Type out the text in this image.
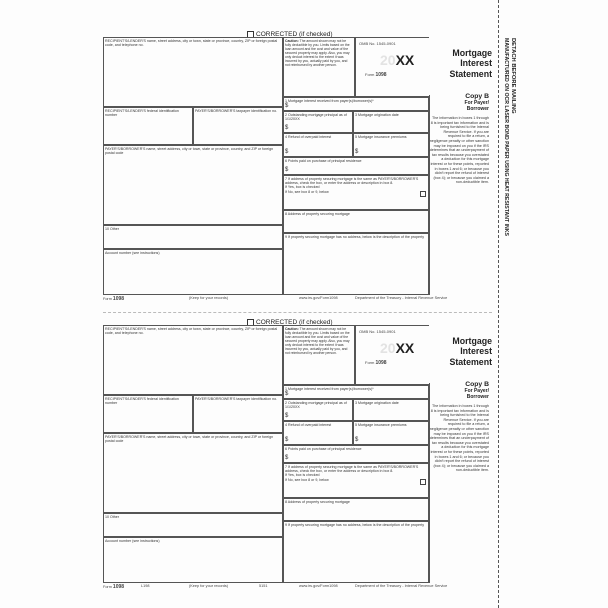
CORRECTED (if checked)
RECIPIENT'S/LENDER'S name, street address, city or town, state or province, country, ZIP or foreign postal code, and telephone no.
Caution: The amount shown may not be fully deductible by you. Limits based on the loan amount and the cost and value of the secured property may apply. Also, you may only deduct interest to the extent it was incurred by you, actually paid by you, and not reimbursed by another person.
OMB No. 1545-0901
20XX
Form 1098
1 Mortgage interest received from payer(s)/borrower(s)*
$
Mortgage
Interest
Statement
Copy B
For Payer/
Borrower
The information in boxes 1 through 8 is important tax information and is being furnished to the Internal Revenue Service. If you are required to file a return, a negligence penalty or other sanction may be imposed on you if the IRS determines that an underpayment of tax results because you overstated a deduction for this mortgage interest or for these points, reported in boxes 1 and 6; or because you didn't report the refund of interest (box 4); or because you claimed a non-deductible item.
RECIPIENT'S/LENDER'S federal identification number
PAYER'S/BORROWER'S taxpayer identification no.
2 Outstanding mortgage principal as of 1/1/20XX
$
3 Mortgage origination date
4 Refund of overpaid interest
$
5 Mortgage insurance premiums
$
PAYER'S/BORROWER'S name, street address, city or town, state or province, country, and ZIP or foreign postal code
6 Points paid on purchase of principal residence
$
7 If address of property securing mortgage is the same as PAYER'S/BORROWER'S address, check the box, or enter the address or description in box 8.
If Yes, box is checked
If No, see box 8 or 9, below
8 Address of property securing mortgage
10 Other
9 If property securing mortgage has no address, below is the description of the property
Account number (see instructions)
Form 1098	(Keep for your records)	www.irs.gov/Form1098	Department of the Treasury - Internal Revenue Service
CORRECTED (if checked)
RECIPIENT'S/LENDER'S name, street address, city or town, state or province, country, ZIP or foreign postal code, and telephone no.
Caution: The amount shown may not be fully deductible by you. Limits based on the loan amount and the cost and value of the secured property may apply. Also, you may only deduct interest to the extent it was incurred by you, actually paid by you, and not reimbursed by another person.
OMB No. 1545-0901
20XX
Form 1098
1 Mortgage interest received from payer(s)/borrower(s)*
$
Mortgage
Interest
Statement
Copy B
For Payer/
Borrower
The information in boxes 1 through 8 is important tax information and is being furnished to the Internal Revenue Service. If you are required to file a return, a negligence penalty or other sanction may be imposed on you if the IRS determines that an underpayment of tax results because you overstated a deduction for this mortgage interest or for these points, reported in boxes 1 and 6; or because you didn't report the refund of interest (box 4); or because you claimed a non-deductible item.
RECIPIENT'S/LENDER'S federal identification number
PAYER'S/BORROWER'S taxpayer identification no.
2 Outstanding mortgage principal as of 1/1/20XX
$
3 Mortgage origination date
4 Refund of overpaid interest
$
5 Mortgage insurance premiums
$
PAYER'S/BORROWER'S name, street address, city or town, state or province, country, and ZIP or foreign postal code
6 Points paid on purchase of principal residence
$
7 If address of property securing mortgage is the same as PAYER'S/BORROWER'S address, check the box, or enter the address or description in box 8.
If Yes, box is checked
If No, see box 8 or 9, below
8 Address of property securing mortgage
10 Other
9 If property securing mortgage has no address, below is the description of the property
Account number (see instructions)
Form 1098	L198	(Keep for your records)	5151	www.irs.gov/Form1098	Department of the Treasury - Internal Revenue Service
DETACH BEFORE MAILING
MANUFACTURED ON OCR LASER BOND PAPER USING HEAT RESISTANT INKS
